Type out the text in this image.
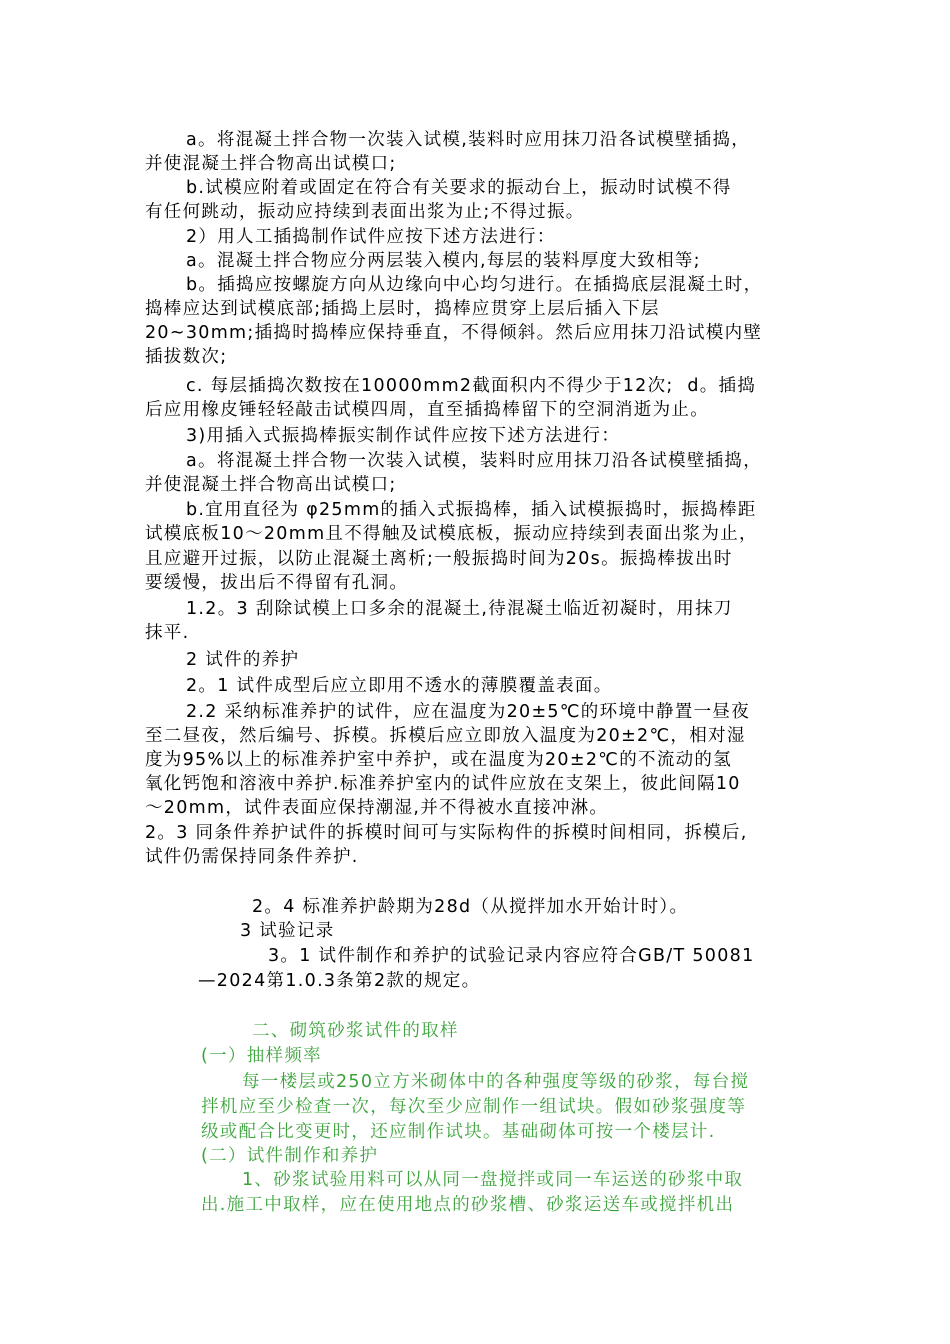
a。将混凝土拌合物一次装入试模,装料时应用抹刀沿各试模壁插捣，
并使混凝土拌合物高出试模口;
b.试模应附着或固定在符合有关要求的振动台上，振动时试模不得
有任何跳动，振动应持续到表面出浆为止;不得过振。
2）用人工插捣制作试件应按下述方法进行：
a。混凝土拌合物应分两层装入模内,每层的装料厚度大致相等;
b。插捣应按螺旋方向从边缘向中心均匀进行。在插捣底层混凝土时，
捣棒应达到试模底部;插捣上层时，捣棒应贯穿上层后插入下层
20~30mm;插捣时捣棒应保持垂直，不得倾斜。然后应用抹刀沿试模内壁
插拔数次;
c. 每层插捣次数按在10000mm2截面积内不得少于12次;  d。插捣
后应用橡皮锤轻轻敲击试模四周，直至插捣棒留下的空洞消逝为止。
3)用插入式振捣棒振实制作试件应按下述方法进行：
a。将混凝土拌合物一次装入试模，装料时应用抹刀沿各试模壁插捣，
并使混凝土拌合物高出试模口;
b.宜用直径为 φ25mm的插入式振捣棒，插入试模振捣时，振捣棒距
试模底板10～20mm且不得触及试模底板，振动应持续到表面出浆为止，
且应避开过振，以防止混凝土离析;一般振捣时间为20s。振捣棒拔出时
要缓慢，拔出后不得留有孔洞。
1.2。3 刮除试模上口多余的混凝土,待混凝土临近初凝时，用抹刀
抹平.
2 试件的养护
2。1 试件成型后应立即用不透水的薄膜覆盖表面。
2.2 采纳标准养护的试件，应在温度为20±5℃的环境中静置一昼夜
至二昼夜，然后编号、拆模。拆模后应立即放入温度为20±2℃，相对湿
度为95%以上的标准养护室中养护，或在温度为20±2℃的不流动的氢
氧化钙饱和溶液中养护.标准养护室内的试件应放在支架上，彼此间隔10
～20mm，试件表面应保持潮湿,并不得被水直接冲淋。
2。3 同条件养护试件的拆模时间可与实际构件的拆模时间相同，拆模后,
试件仍需保持同条件养护.
2。4 标准养护龄期为28d（从搅拌加水开始计时）。
3 试验记录
3。1 试件制作和养护的试验记录内容应符合GB/T 50081
—2024第1.0.3条第2款的规定。
二、砌筑砂浆试件的取样
(一）抽样频率
每一楼层或250立方米砌体中的各种强度等级的砂浆，每台搅
拌机应至少检查一次，每次至少应制作一组试块。假如砂浆强度等
级或配合比变更时，还应制作试块。基础砌体可按一个楼层计.
(二）试件制作和养护
1、砂浆试验用料可以从同一盘搅拌或同一车运送的砂浆中取
出.施工中取样，应在使用地点的砂浆槽、砂浆运送车或搅拌机出
